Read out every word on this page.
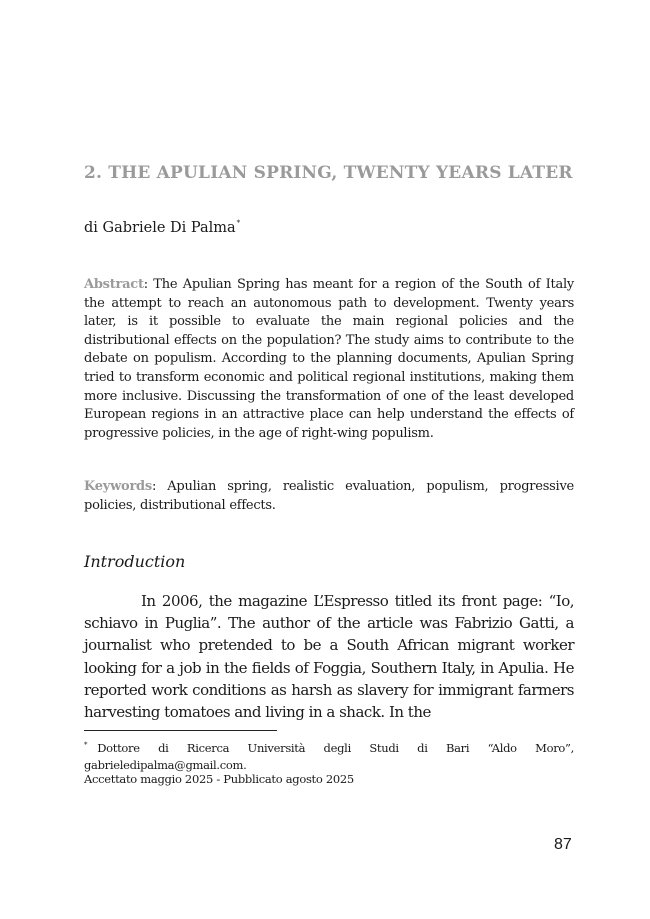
2. THE APULIAN SPRING, TWENTY YEARS LATER
di Gabriele Di Palma*
Abstract: The Apulian Spring has meant for a region of the South of Italy the attempt to reach an autonomous path to development. Twenty years later, is it possible to evaluate the main regional policies and the distributional effects on the population? The study aims to contribute to the debate on populism. According to the planning documents, Apulian Spring tried to transform economic and political regional institutions, making them more inclusive. Discussing the transformation of one of the least developed European regions in an attractive place can help understand the effects of progressive policies, in the age of right-wing populism.
Keywords: Apulian spring, realistic evaluation, populism, progressive policies, distributional effects.
Introduction
In 2006, the magazine L’Espresso titled its front page: “Io, schiavo in Puglia”. The author of the article was Fabrizio Gatti, a journalist who pretended to be a South African migrant worker looking for a job in the fields of Foggia, Southern Italy, in Apulia. He reported work conditions as harsh as slavery for immigrant farmers harvesting tomatoes and living in a shack. In the
* Dottore di Ricerca Università degli Studi di Bari “Aldo Moro”, gabrieledipalma@gmail.com.
Accettato maggio 2025 - Pubblicato agosto 2025
87
